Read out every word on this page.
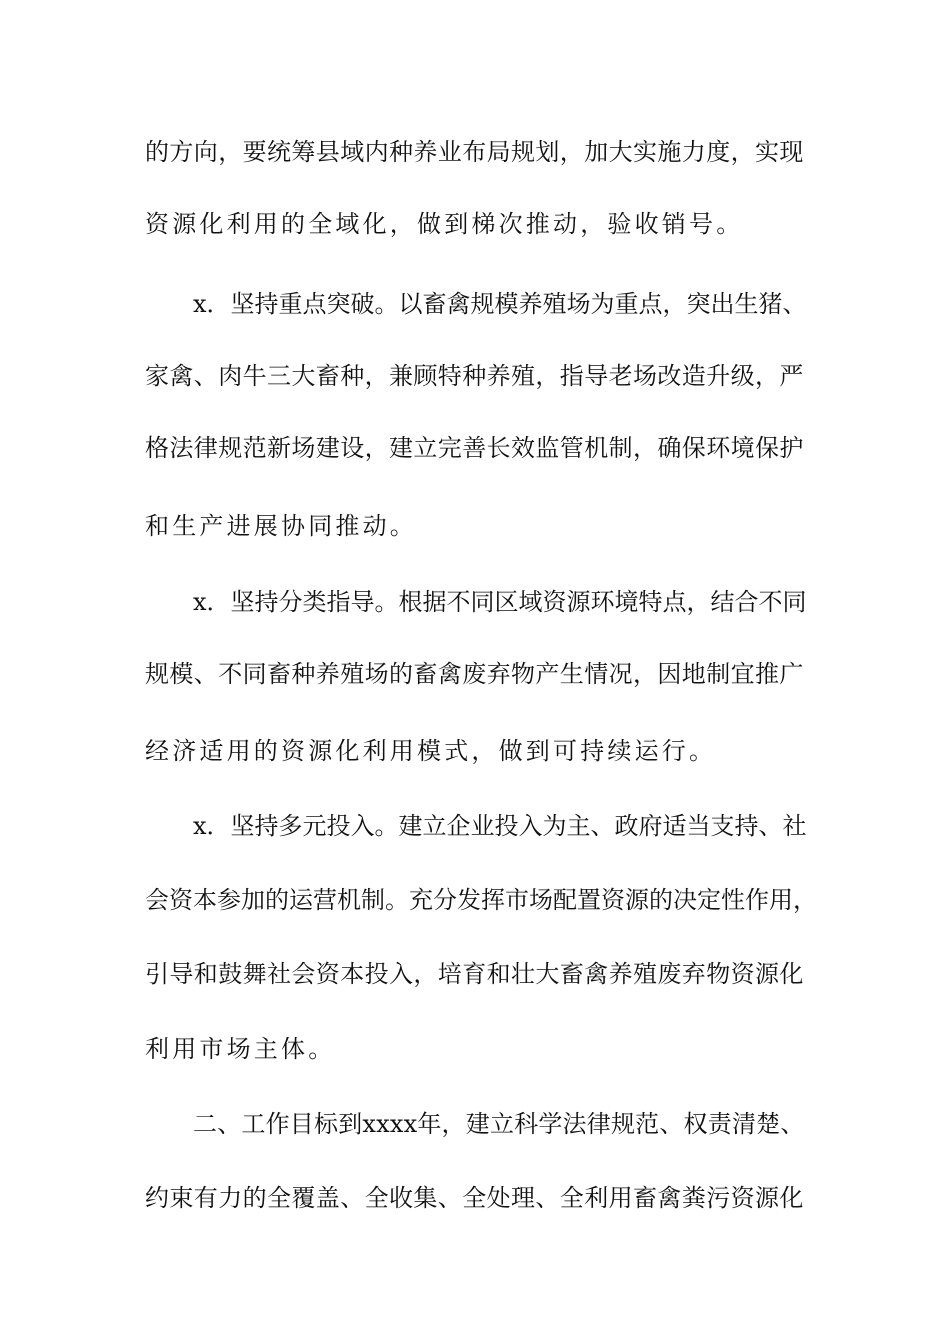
的方向，要统筹县域内种养业布局规划，加大实施力度，实现
资源化利用的全域化，做到梯次推动，验收销号。
x．坚持重点突破。以畜禽规模养殖场为重点，突出生猪、
家禽、肉牛三大畜种，兼顾特种养殖，指导老场改造升级，严
格法律规范新场建设，建立完善长效监管机制，确保环境保护
和生产进展协同推动。
x．坚持分类指导。根据不同区域资源环境特点，结合不同
规模、不同畜种养殖场的畜禽废弃物产生情况，因地制宜推广
经济适用的资源化利用模式，做到可持续运行。
x．坚持多元投入。建立企业投入为主、政府适当支持、社
会资本参加的运营机制。充分发挥市场配置资源的决定性作用，
引导和鼓舞社会资本投入，培育和壮大畜禽养殖废弃物资源化
利用市场主体。
二、工作目标到xxxx年，建立科学法律规范、权责清楚、
约束有力的全覆盖、全收集、全处理、全利用畜禽粪污资源化
